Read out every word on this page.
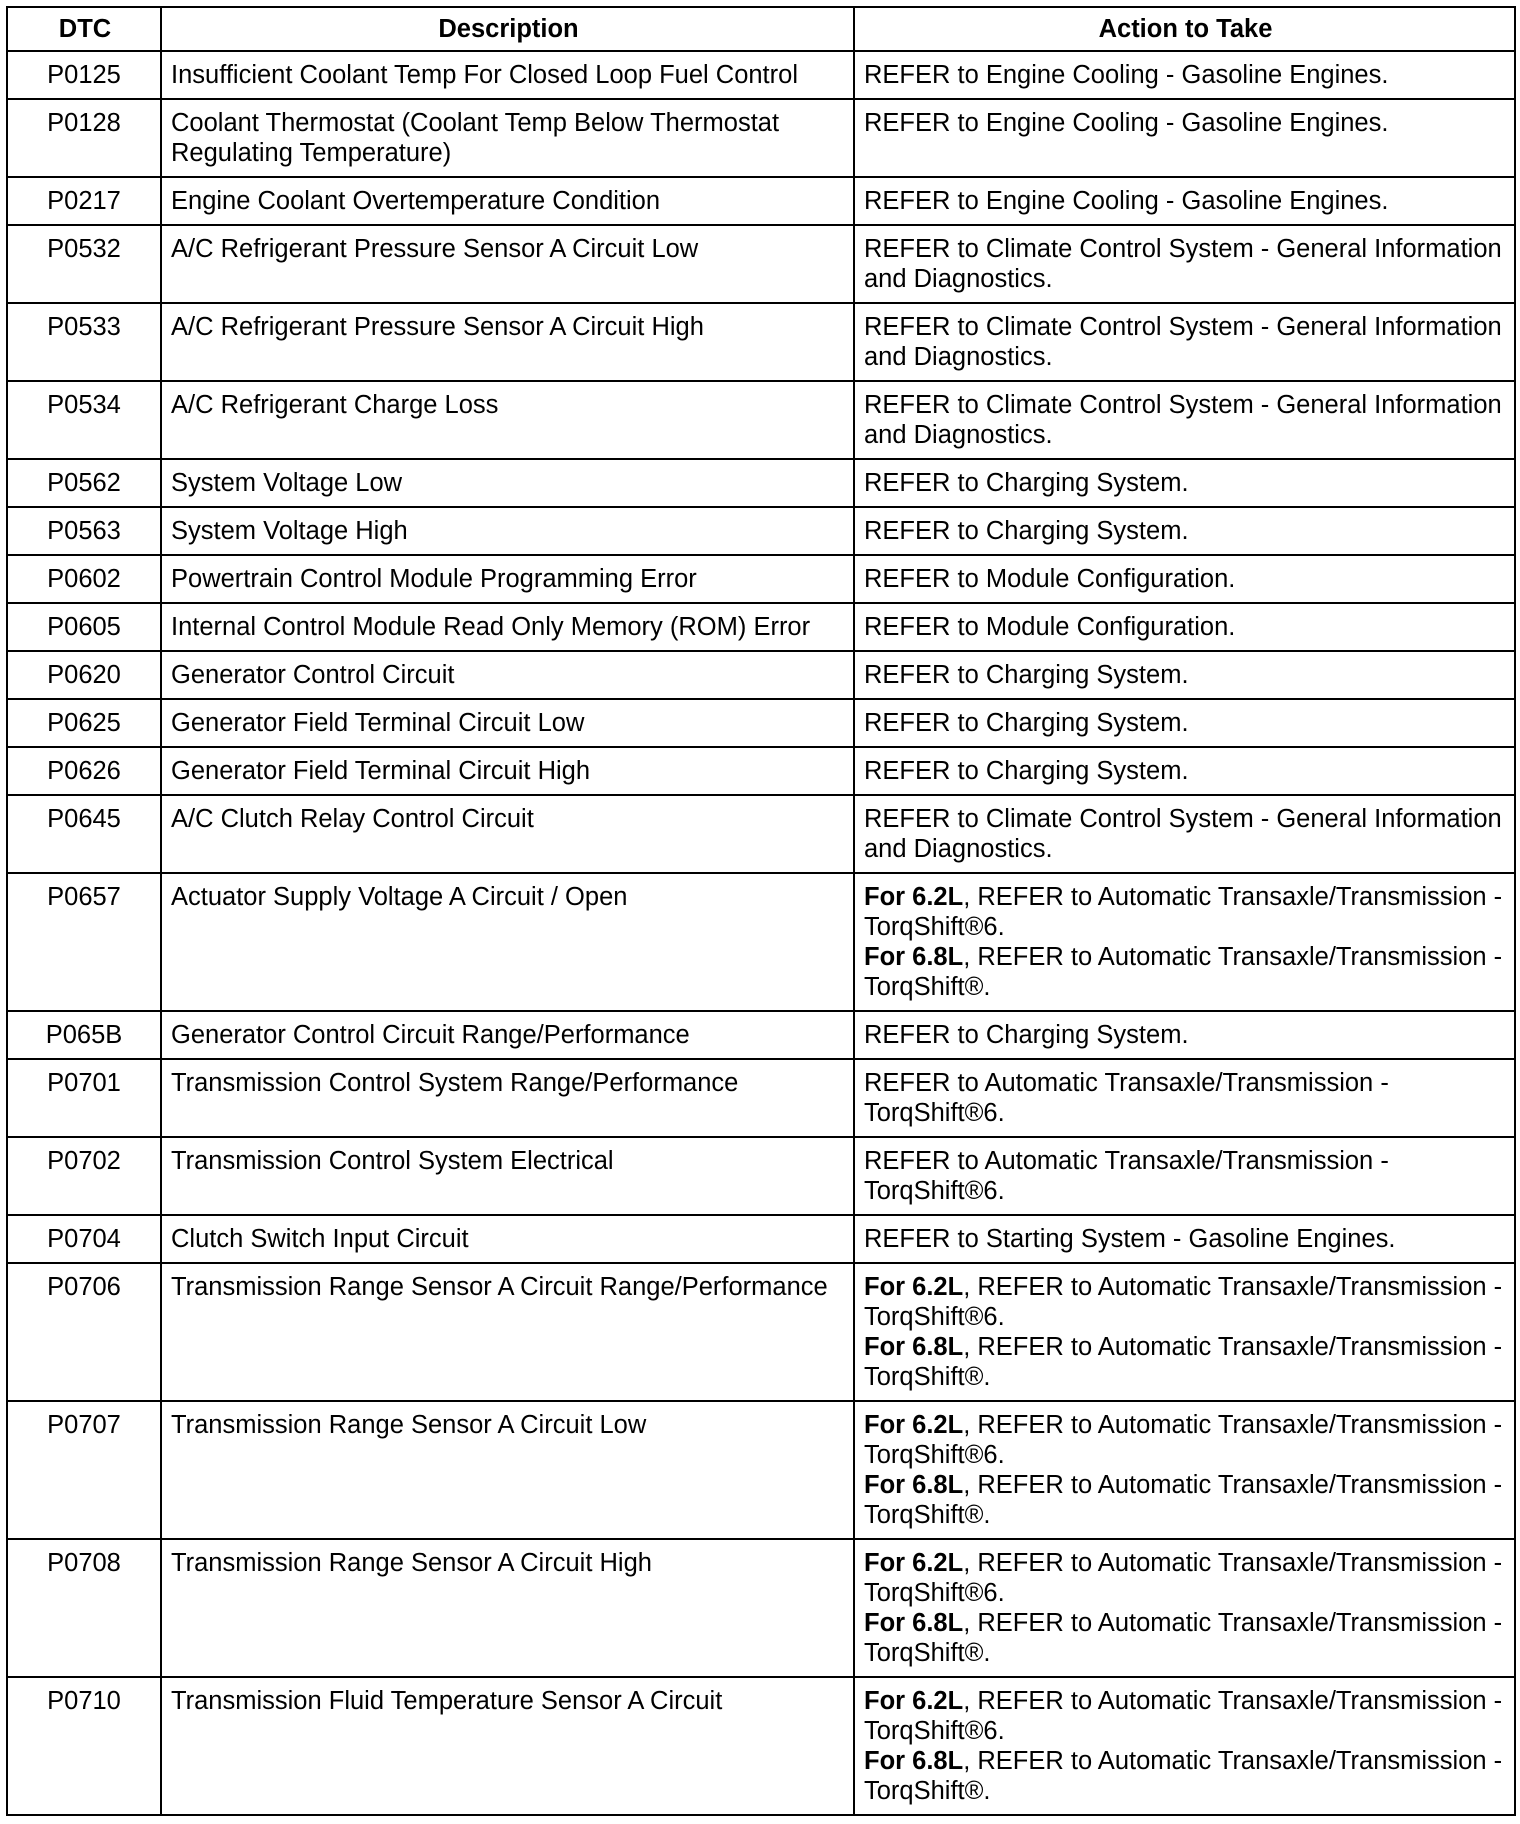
DTC	Description	Action to Take
P0125	Insufficient Coolant Temp For Closed Loop Fuel Control	REFER to Engine Cooling - Gasoline Engines.

P0128	Coolant Thermostat (Coolant Temp Below Thermostat Regulating Temperature)	REFER to Engine Cooling - Gasoline Engines.

P0217	Engine Coolant Overtemperature Condition	REFER to Engine Cooling - Gasoline Engines.

P0532	A/C Refrigerant Pressure Sensor A Circuit Low	REFER to Climate Control System - General Information and Diagnostics.

P0533	A/C Refrigerant Pressure Sensor A Circuit High	REFER to Climate Control System - General Information and Diagnostics.

P0534	A/C Refrigerant Charge Loss	REFER to Climate Control System - General Information and Diagnostics.

P0562	System Voltage Low	REFER to Charging System.

P0563	System Voltage High	REFER to Charging System.

P0602	Powertrain Control Module Programming Error	REFER to Module Configuration.

P0605	Internal Control Module Read Only Memory (ROM) Error	REFER to Module Configuration.

P0620	Generator Control Circuit	REFER to Charging System.

P0625	Generator Field Terminal Circuit Low	REFER to Charging System.

P0626	Generator Field Terminal Circuit High	REFER to Charging System.

P0645	A/C Clutch Relay Control Circuit	REFER to Climate Control System - General Information and Diagnostics.

P0657	Actuator Supply Voltage A Circuit / Open	For 6.2L, REFER to Automatic Transaxle/Transmission - TorqShift®6.
For 6.8L, REFER to Automatic Transaxle/Transmission - TorqShift®.

P065B	Generator Control Circuit Range/Performance	REFER to Charging System.

P0701	Transmission Control System Range/Performance	REFER to Automatic Transaxle/Transmission - TorqShift®6.

P0702	Transmission Control System Electrical	REFER to Automatic Transaxle/Transmission - TorqShift®6.

P0704	Clutch Switch Input Circuit	REFER to Starting System - Gasoline Engines.

P0706	Transmission Range Sensor A Circuit Range/Performance	For 6.2L, REFER to Automatic Transaxle/Transmission - TorqShift®6.
For 6.8L, REFER to Automatic Transaxle/Transmission - TorqShift®.

P0707	Transmission Range Sensor A Circuit Low	For 6.2L, REFER to Automatic Transaxle/Transmission - TorqShift®6.
For 6.8L, REFER to Automatic Transaxle/Transmission - TorqShift®.

P0708	Transmission Range Sensor A Circuit High	For 6.2L, REFER to Automatic Transaxle/Transmission - TorqShift®6.
For 6.8L, REFER to Automatic Transaxle/Transmission - TorqShift®.

P0710	Transmission Fluid Temperature Sensor A Circuit	For 6.2L, REFER to Automatic Transaxle/Transmission - TorqShift®6.
For 6.8L, REFER to Automatic Transaxle/Transmission - TorqShift®.
